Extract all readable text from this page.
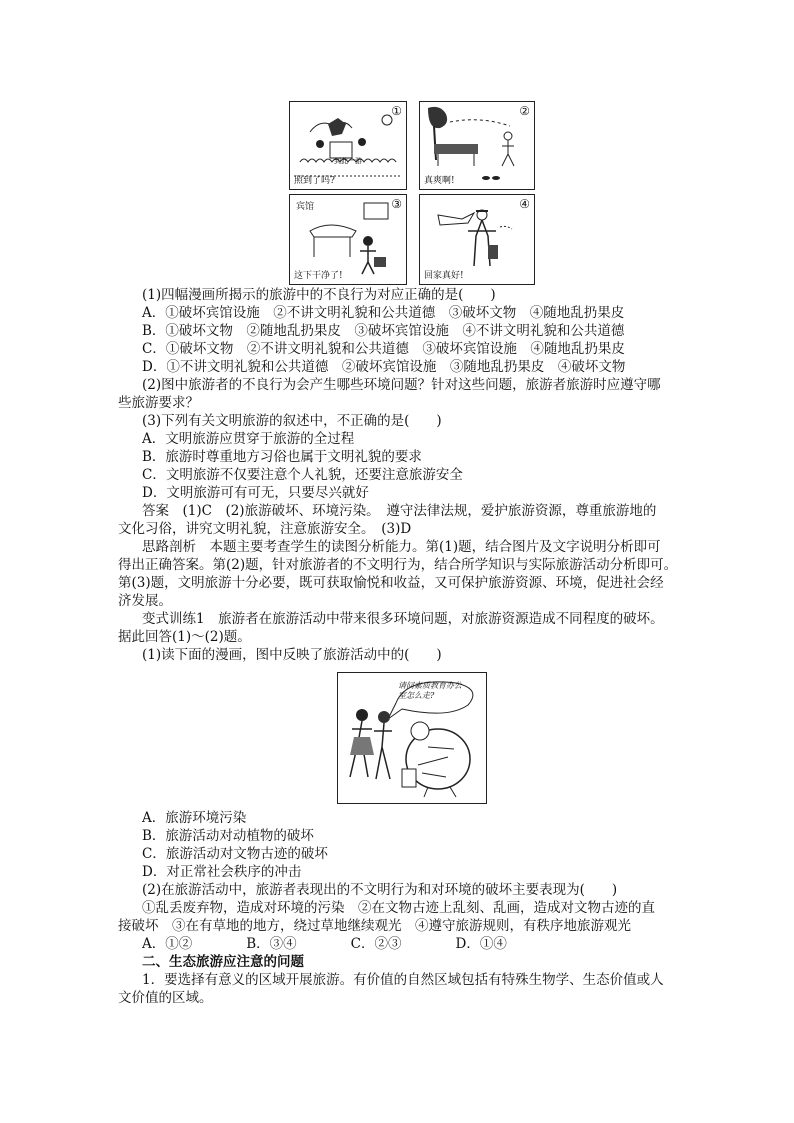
①
到此一游
照到了吗?
②
真爽啊!
③
宾馆
这下干净了!
④
回家真好!
(1)四幅漫画所揭示的旅游中的不良行为对应正确的是(　　)
A．①破坏宾馆设施　②不讲文明礼貌和公共道德　③破坏文物　④随地乱扔果皮
B．①破坏文物　②随地乱扔果皮　③破坏宾馆设施　④不讲文明礼貌和公共道德
C．①破坏文物　②不讲文明礼貌和公共道德　③破坏宾馆设施　④随地乱扔果皮
D．①不讲文明礼貌和公共道德　②破坏宾馆设施　③随地乱扔果皮　④破坏文物
(2)图中旅游者的不良行为会产生哪些环境问题？针对这些问题，旅游者旅游时应遵守哪
些旅游要求？
(3)下列有关文明旅游的叙述中，不正确的是(　　)
A．文明旅游应贯穿于旅游的全过程
B．旅游时尊重地方习俗也属于文明礼貌的要求
C．文明旅游不仅要注意个人礼貌，还要注意旅游安全
D．文明旅游可有可无，只要尽兴就好
答案　(1)C　(2)旅游破坏、环境污染。　遵守法律法规，爱护旅游资源，尊重旅游地的
文化习俗，讲究文明礼貌，注意旅游安全。　(3)D
思路剖析　本题主要考查学生的读图分析能力。第(1)题，结合图片及文字说明分析即可
得出正确答案。第(2)题，针对旅游者的不文明行为，结合所学知识与实际旅游活动分析即可。
第(3)题，文明旅游十分必要，既可获取愉悦和收益，又可保护旅游资源、环境，促进社会经
济发展。
变式训练1　旅游者在旅游活动中带来很多环境问题，对旅游资源造成不同程度的破坏。
据此回答(1)～(2)题。
(1)读下面的漫画，图中反映了旅游活动中的(　　)
请问素质教育办公室怎么走?
A．旅游环境污染
B．旅游活动对动植物的破坏
C．旅游活动对文物古迹的破坏
D．对正常社会秩序的冲击
(2)在旅游活动中，旅游者表现出的不文明行为和对环境的破坏主要表现为(　　)
①乱丢废弃物，造成对环境的污染　②在文物古迹上乱刻、乱画，造成对文物古迹的直
接破坏　③在有草地的地方，绕过草地继续观光　④遵守旅游规则，有秩序地旅游观光
A．①②	B．③④	C．②③	D．①④
二、生态旅游应注意的问题
1．要选择有意义的区域开展旅游。有价值的自然区域包括有特殊生物学、生态价值或人
文价值的区域。
